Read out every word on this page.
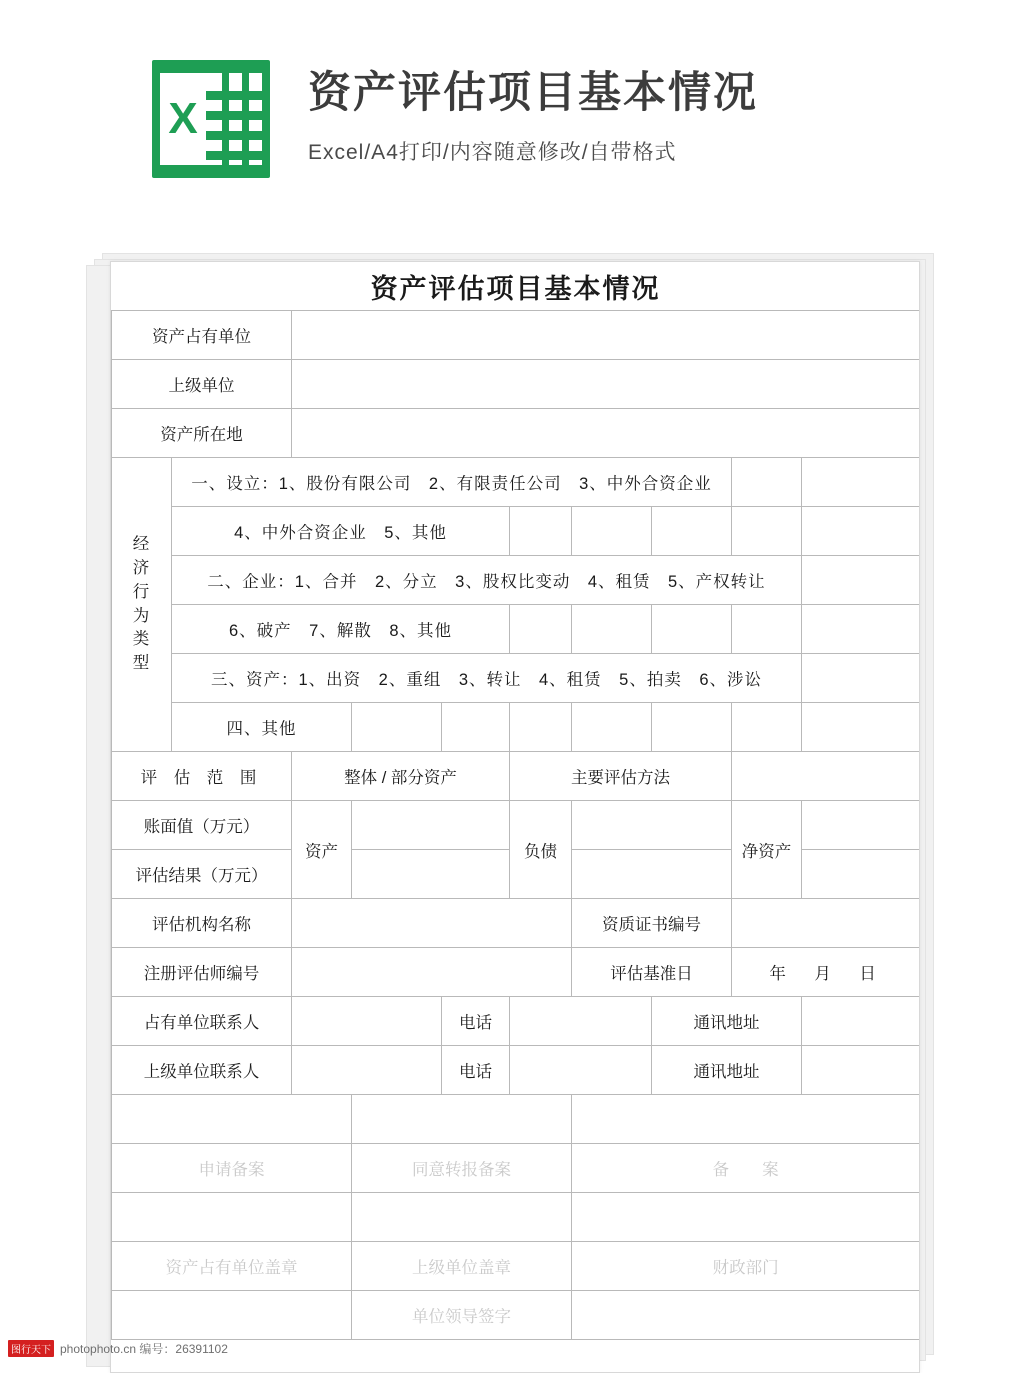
X
资产评估项目基本情况
Excel/A4打印/内容随意修改/自带格式
资产评估项目基本情况									
资产占有单位									
上级单位									
资产所在地									
经
济
行
为
类
型	一、设立：1、股份有限公司　2、有限责任公司　3、中外合资企业		
	4、中外合资企业　5、其他								
	二、企业：1、合并　2、分立　3、股权比变动　4、租赁　5、产权转让								
	6、破产　7、解散　8、其他								
	三、资产：1、出资　2、重组　3、转让　4、租赁　5、拍卖　6、涉讼								
	四、其他								
评 估 范 围		整体 / 部分资产			主要评估方法				
账面值（万元）		资产			负债			净资产	
评估结果（万元）									
评估机构名称						资质证书编号			
注册评估师编号						评估基准日		年　月　日	
占有单位联系人				电话			通讯地址		
上级单位联系人				电话			通讯地址		

申请备案			同意转报备案			备　　案			

资产占有单位盖章			上级单位盖章			财政部门			
			单位领导签字						
图行天下 photophoto.cn 编号：26391102
